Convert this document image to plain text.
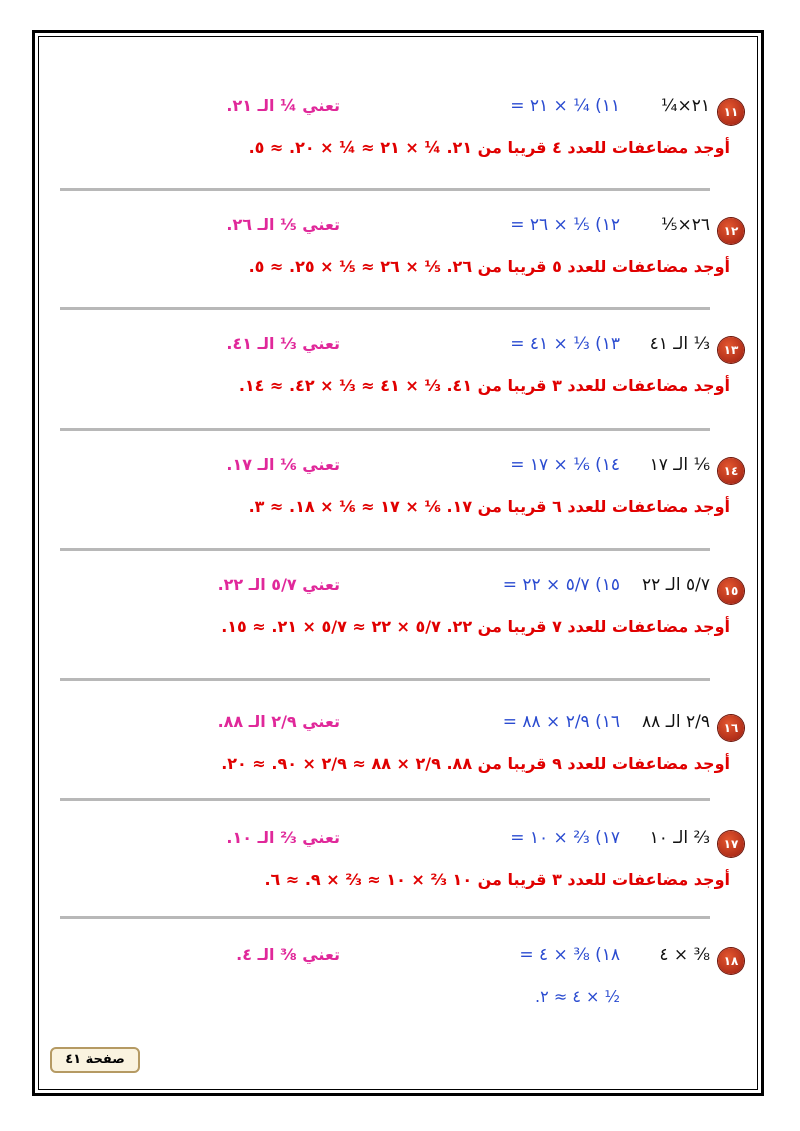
١١
٢١×¼
١١) ¼ × ٢١ =
تعني ¼ الـ ٢١.
أوجد مضاعفات للعدد ٤ قريبا من ٢١. ¼ × ٢١ ≈ ¼ × ٢٠. ≈ ٥.
١٢
٢٦×⅕
١٢) ⅕ × ٢٦ =
تعني ⅕ الـ ٢٦.
أوجد مضاعفات للعدد ٥ قريبا من ٢٦. ⅕ × ٢٦ ≈ ⅕ × ٢٥. ≈ ٥.
١٣
⅓ الـ ٤١
١٣) ⅓ × ٤١ =
تعني ⅓ الـ ٤١.
أوجد مضاعفات للعدد ٣ قريبا من ٤١. ⅓ × ٤١ ≈ ⅓ × ٤٢. ≈ ١٤.
١٤
⅙ الـ ١٧
١٤) ⅙ × ١٧ =
تعني ⅙ الـ ١٧.
أوجد مضاعفات للعدد ٦ قريبا من ١٧. ⅙ × ١٧ ≈ ⅙ × ١٨. ≈ ٣.
١٥
٥/٧ الـ ٢٢
١٥) ٥/٧ × ٢٢ =
تعني ٥/٧ الـ ٢٢.
أوجد مضاعفات للعدد ٧ قريبا من ٢٢. ٥/٧ × ٢٢ ≈ ٥/٧ × ٢١. ≈ ١٥.
١٦
٢/٩ الـ ٨٨
١٦) ٢/٩ × ٨٨ =
تعني ٢/٩ الـ ٨٨.
أوجد مضاعفات للعدد ٩ قريبا من ٨٨. ٢/٩ × ٨٨ ≈ ٢/٩ × ٩٠. ≈ ٢٠.
١٧
⅔ الـ ١٠
١٧) ⅔ × ١٠ =
تعني ⅔ الـ ١٠.
أوجد مضاعفات للعدد ٣ قريبا من ١٠ ⅔ × ١٠ ≈ ⅔ × ٩. ≈ ٦.
١٨
⅜ × ٤
١٨) ⅜ × ٤ =
تعني ⅜ الـ ٤.
½ × ٤ ≈ ٢.
صفحة ٤١
